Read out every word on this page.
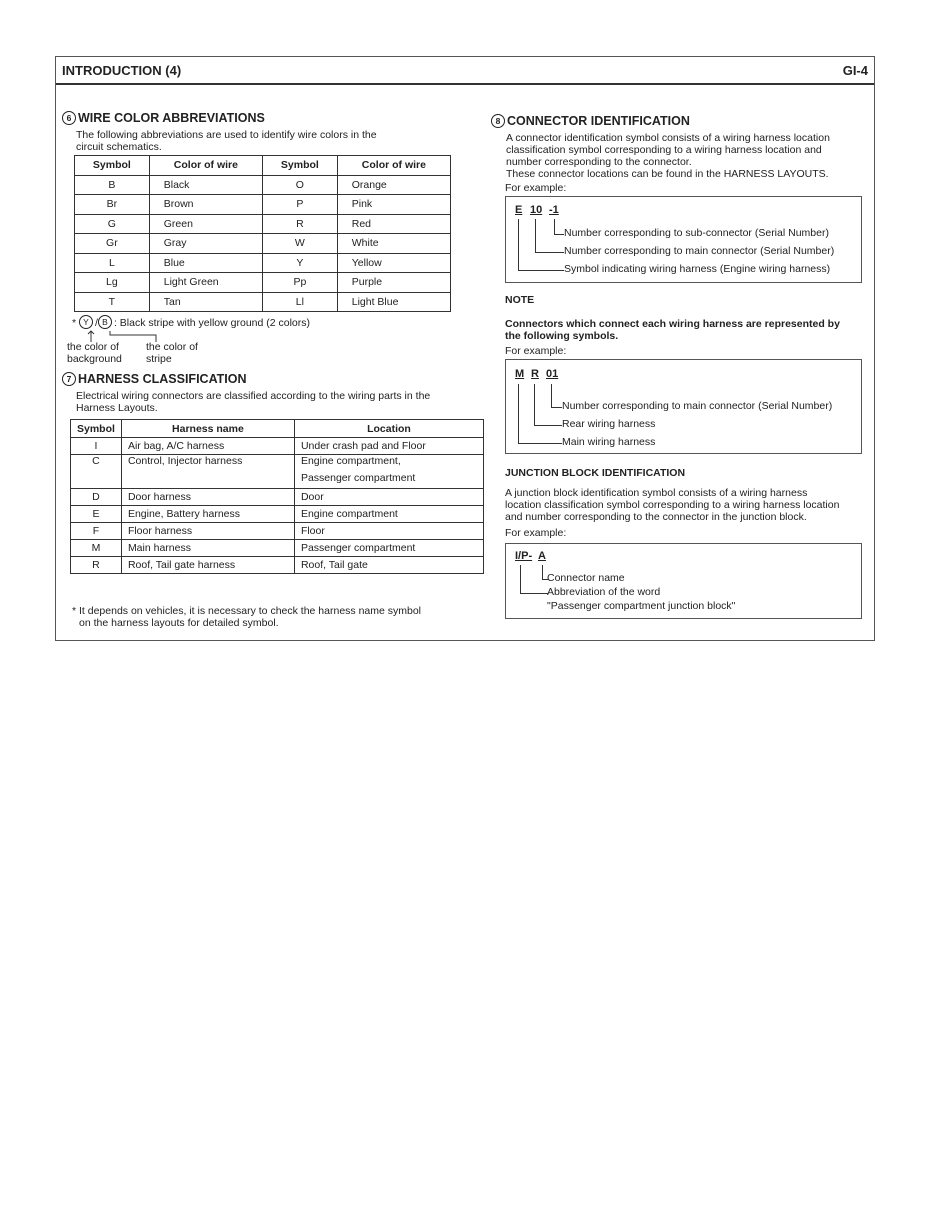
INTRODUCTION (4)	GI-4
6 WIRE COLOR ABBREVIATIONS
The following abbreviations are used to identify wire colors in the
circuit schematics.
Symbol	Color of wire	Symbol	Color of wire
B	Black	O	Orange
Br	Brown	P	Pink
G	Green	R	Red
Gr	Gray	W	White
L	Blue	Y	Yellow
Lg	Light Green	Pp	Purple
T	Tan	Ll	Light Blue
* Y / B : Black stripe with yellow ground (2 colors)
the color of
background
the color of
stripe
7 HARNESS CLASSIFICATION
Electrical wiring connectors are classified according to the wiring parts in the
Harness Layouts.
Symbol	Harness name	Location
I	Air bag, A/C harness	Under crash pad and Floor
C	Control, Injector harness	Engine compartment,
Passenger compartment

D	Door harness	Door
E	Engine, Battery harness	Engine compartment
F	Floor harness	Floor
M	Main harness	Passenger compartment
R	Roof, Tail gate harness	Roof, Tail gate
* It depends on vehicles, it is necessary to check the harness name symbol
on the harness layouts for detailed symbol.
8 CONNECTOR IDENTIFICATION
A connector identification symbol consists of a wiring harness location
classification symbol corresponding to a wiring harness location and
number corresponding to the connector.
These connector locations can be found in the HARNESS LAYOUTS.
For example:
E 10 -1
Number corresponding to sub-connector (Serial Number)
Number corresponding to main connector (Serial Number)
Symbol indicating wiring harness (Engine wiring harness)
NOTE
Connectors which connect each wiring harness are represented by
the following symbols.
For example:
M R 01
Number corresponding to main connector (Serial Number)
Rear wiring harness
Main wiring harness
JUNCTION BLOCK IDENTIFICATION
A junction block identification symbol consists of a wiring harness
location classification symbol corresponding to a wiring harness location
and number corresponding to the connector in the junction block.
For example:
I/P- A
Connector name
Abbreviation of the word
"Passenger compartment junction block"
